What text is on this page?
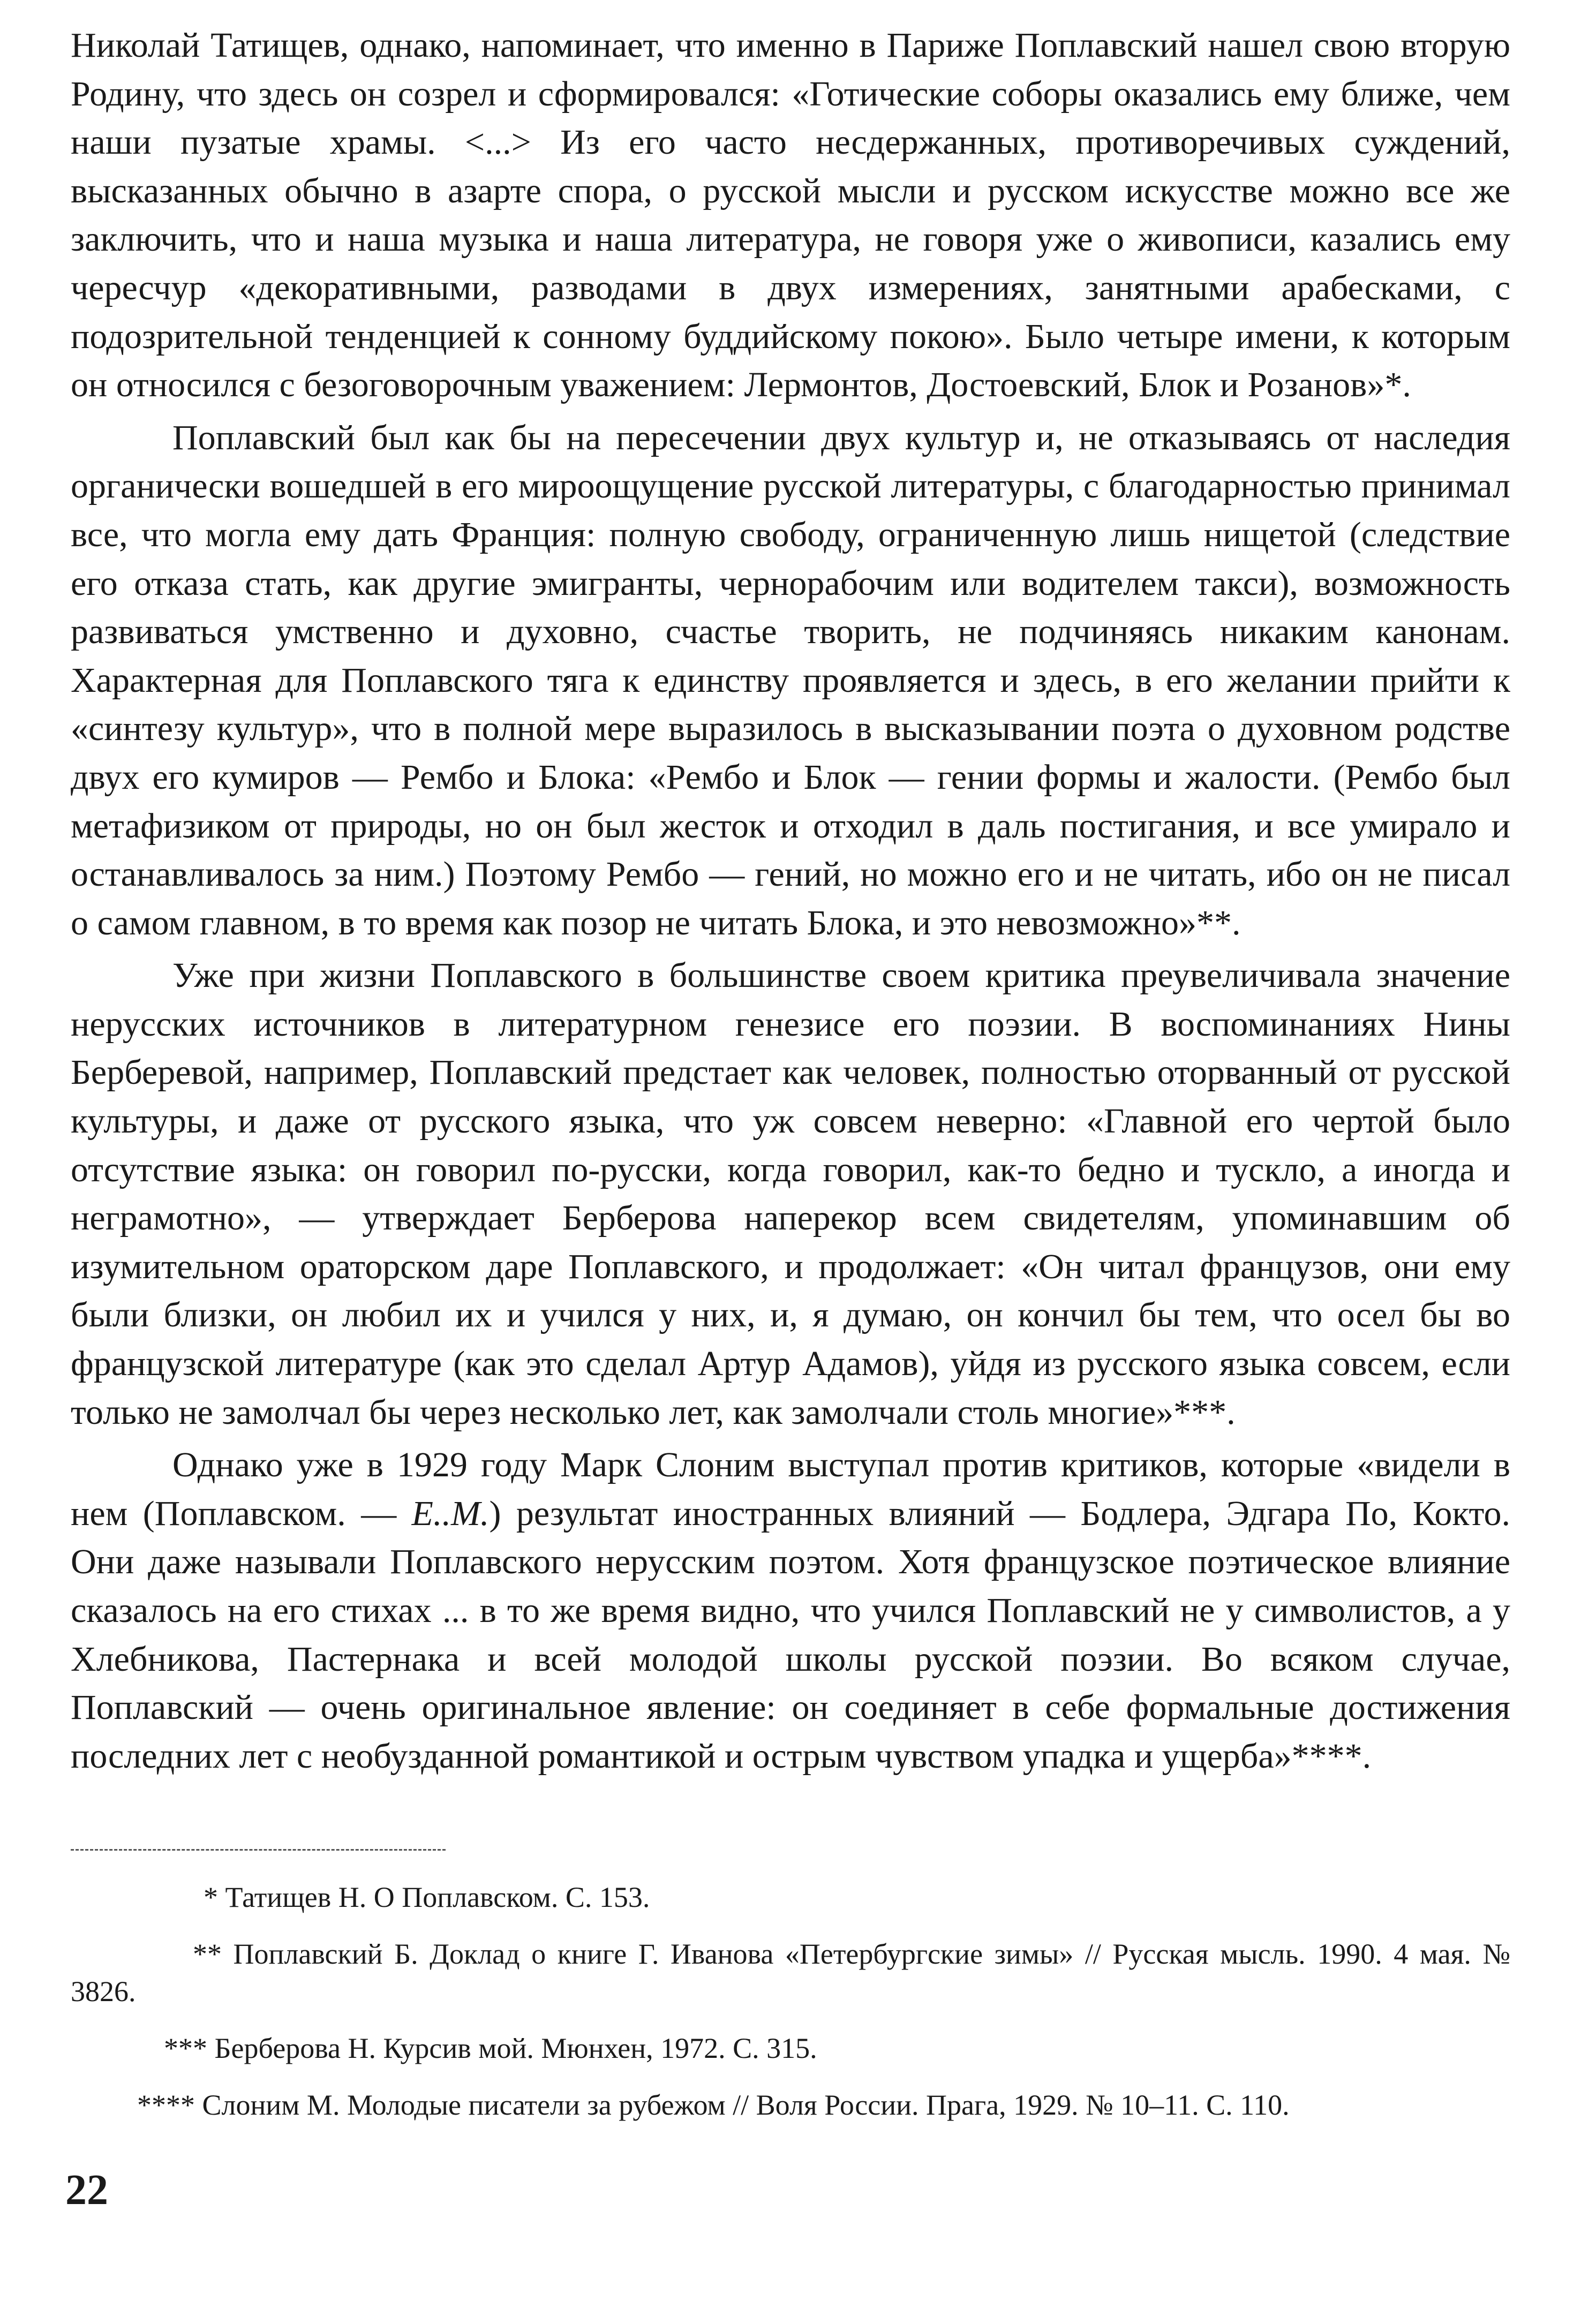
Николай Татищев, однако, напоминает, что именно в Париже Поплавский нашел свою вторую Родину, что здесь он созрел и сформировался: «Готические соборы оказались ему ближе, чем наши пузатые храмы. <...> Из его часто несдержанных, противоречивых суждений, высказанных обычно в азарте спора, о русской мысли и русском искусстве можно все же заключить, что и наша музыка и наша литература, не говоря уже о живописи, казались ему чересчур «декоративными, разводами в двух измерениях, занятными арабесками, с подозрительной тенденцией к сонному буддийскому покою». Было четыре имени, к которым он относился с безоговорочным уважением: Лермонтов, Достоевский, Блок и Розанов»*.

Поплавский был как бы на пересечении двух культур и, не отказываясь от наследия органически вошедшей в его мироощущение русской литературы, с благодарностью принимал все, что могла ему дать Франция: полную свободу, ограниченную лишь нищетой (следствие его отказа стать, как другие эмигранты, чернорабочим или водителем такси), возможность развиваться умственно и духовно, счастье творить, не подчиняясь никаким канонам. Характерная для Поплавского тяга к единству проявляется и здесь, в его желании прийти к «синтезу культур», что в полной мере выразилось в высказывании поэта о духовном родстве двух его кумиров — Рембо и Блока: «Рембо и Блок — гении формы и жалости. (Рембо был метафизиком от природы, но он был жесток и отходил в даль постигания, и все умирало и останавливалось за ним.) Поэтому Рембо — гений, но можно его и не читать, ибо он не писал о самом главном, в то время как позор не читать Блока, и это невозможно»**.

Уже при жизни Поплавского в большинстве своем критика преувеличивала значение нерусских источников в литературном генезисе его поэзии. В воспоминаниях Нины Берберевой, например, Поплавский предстает как человек, полностью оторванный от русской культуры, и даже от русского языка, что уж совсем неверно: «Главной его чертой было отсутствие языка: он говорил по-русски, когда говорил, как-то бедно и тускло, а иногда и неграмотно», — утверждает Берберова наперекор всем свидетелям, упоминавшим об изумительном ораторском даре Поплавского, и продолжает: «Он читал французов, они ему были близки, он любил их и учился у них, и, я думаю, он кончил бы тем, что осел бы во французской литературе (как это сделал Артур Адамов), уйдя из русского языка совсем, если только не замолчал бы через несколько лет, как замолчали столь многие»***.

Однако уже в 1929 году Марк Слоним выступал против критиков, которые «видели в нем (Поплавском. — Е..М.) результат иностранных влияний — Бодлера, Эдгара По, Кокто. Они даже называли Поплавского нерусским поэтом. Хотя французское поэтическое влияние сказалось на его стихах ... в то же время видно, что учился Поплавский не у символистов, а у Хлебникова, Пастернака и всей молодой школы русской поэзии. Во всяком случае, Поплавский — очень оригинальное явление: он соединяет в себе формальные достижения последних лет с необузданной романтикой и острым чувством упадка и ущерба»****.

* Татищев Н. О Поплавском. С. 153.

** Поплавский Б. Доклад о книге Г. Иванова «Петербургские зимы» // Русская мысль. 1990. 4 мая. № 3826.

*** Берберова Н. Курсив мой. Мюнхен, 1972. С. 315.

**** Слоним М. Молодые писатели за рубежом // Воля России. Прага, 1929. № 10–11. С. 110.

22
